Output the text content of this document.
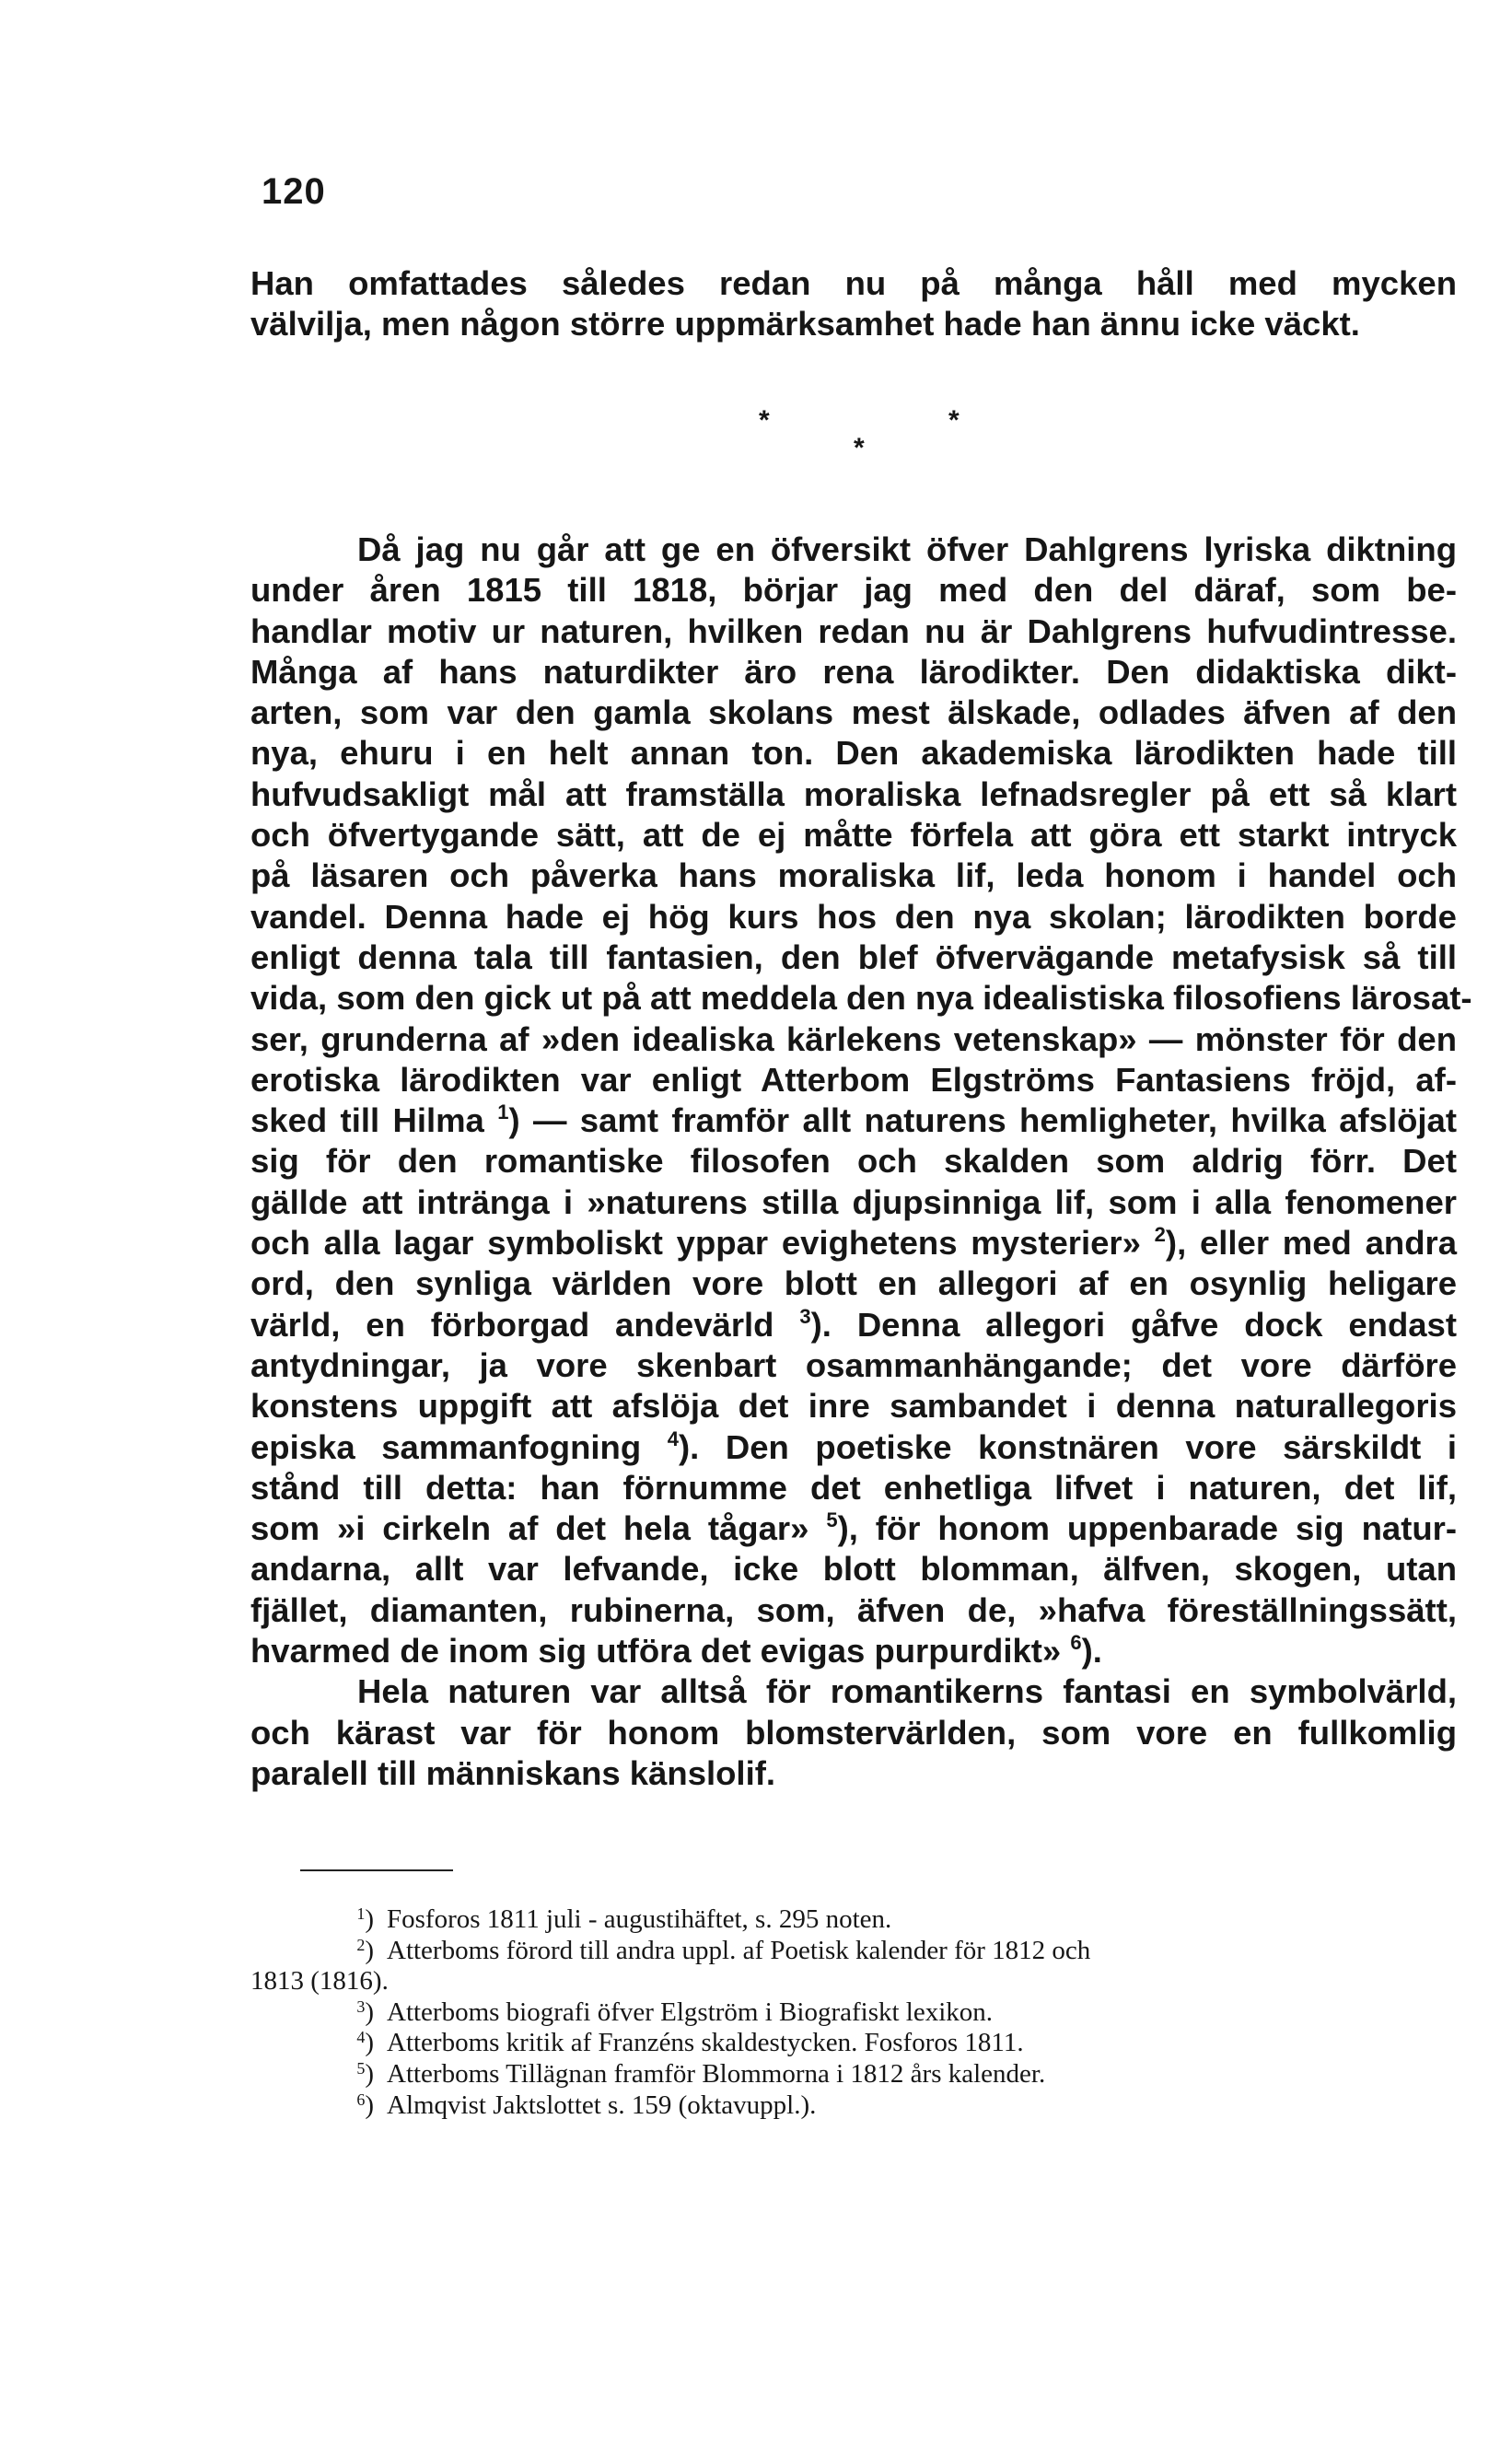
120
Han omfattades således redan nu på många håll med mycken
välvilja, men någon större uppmärksamhet hade han ännu icke väckt.
*	*
*
Då jag nu går att ge en öfversikt öfver Dahlgrens lyriska diktning
under åren 1815 till 1818, börjar jag med den del däraf, som be-
handlar motiv ur naturen, hvilken redan nu är Dahlgrens hufvudintresse.
Många af hans naturdikter äro rena lärodikter. Den didaktiska dikt-
arten, som var den gamla skolans mest älskade, odlades äfven af den
nya, ehuru i en helt annan ton. Den akademiska lärodikten hade till
hufvudsakligt mål att framställa moraliska lefnadsregler på ett så klart
och öfvertygande sätt, att de ej måtte förfela att göra ett starkt intryck
på läsaren och påverka hans moraliska lif, leda honom i handel och
vandel. Denna hade ej hög kurs hos den nya skolan; lärodikten borde
enligt denna tala till fantasien, den blef öfvervägande metafysisk så till
vida, som den gick ut på att meddela den nya idealistiska filosofiens lärosat-
ser, grunderna af »den idealiska kärlekens vetenskap» — mönster för den
erotiska lärodikten var enligt Atterbom Elgströms Fantasiens fröjd, af-
sked till Hilma $^1$) — samt framför allt naturens hemligheter, hvilka afslöjat
sig för den romantiske filosofen och skalden som aldrig förr. Det
gällde att intränga i »naturens stilla djupsinniga lif, som i alla fenomener
och alla lagar symboliskt yppar evighetens mysterier» $^2$), eller med andra
ord, den synliga världen vore blott en allegori af en osynlig heligare
värld, en förborgad andevärld $^3$). Denna allegori gåfve dock endast
antydningar, ja vore skenbart osammanhängande; det vore därföre
konstens uppgift att afslöja det inre sambandet i denna naturallegoris
episka sammanfogning $^4$). Den poetiske konstnären vore särskildt i
stånd till detta: han förnumme det enhetliga lifvet i naturen, det lif,
som »i cirkeln af det hela tågar» $^5$), för honom uppenbarade sig natur-
andarna, allt var lefvande, icke blott blomman, älfven, skogen, utan
fjället, diamanten, rubinerna, som, äfven de, »hafva föreställningssätt,
hvarmed de inom sig utföra det evigas purpurdikt» $^6$).
Hela naturen var alltså för romantikerns fantasi en symbolvärld,
och kärast var för honom blomstervärlden, som vore en fullkomlig
paralell till människans känslolif.
$^1$) Fosforos 1811 juli - augustihäftet, s. 295 noten.
$^2$) Atterboms förord till andra uppl. af Poetisk kalender för 1812 och
1813 (1816).
$^3$) Atterboms biografi öfver Elgström i Biografiskt lexikon.
$^4$) Atterboms kritik af Franzéns skaldestycken. Fosforos 1811.
$^5$) Atterboms Tillägnan framför Blommorna i 1812 års kalender.
$^6$) Almqvist Jaktslottet s. 159 (oktavuppl.).
